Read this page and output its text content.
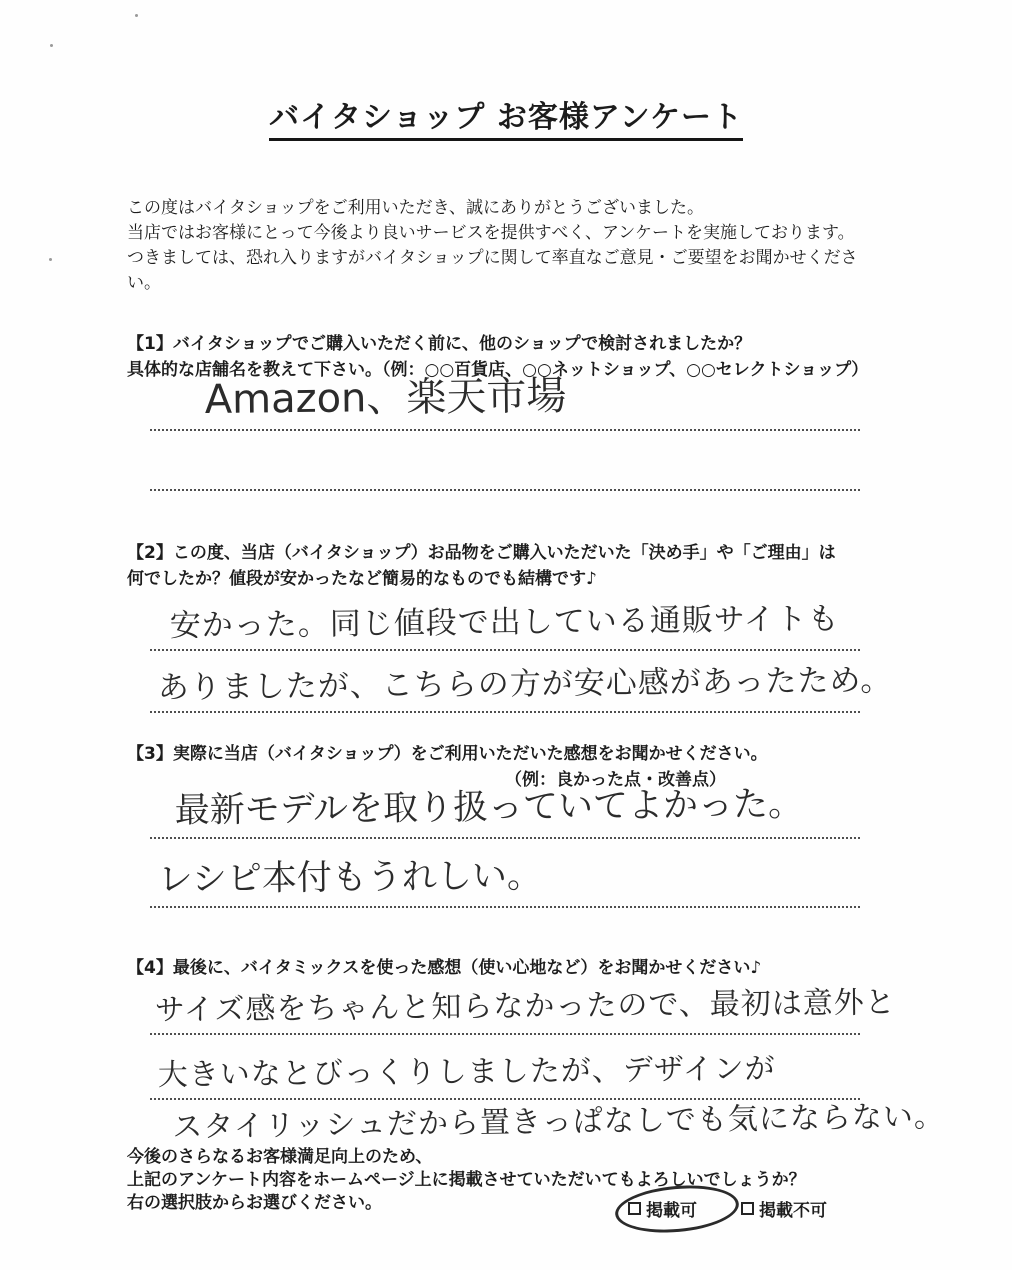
バイタショップ お客様アンケート
この度はバイタショップをご利用いただき、誠にありがとうございました。
当店ではお客様にとって今後より良いサービスを提供すべく、アンケートを実施しております。
つきましては、恐れ入りますがバイタショップに関して率直なご意見・ご要望をお聞かせくださ
い。
【1】バイタショップでご購入いただく前に、他のショップで検討されましたか？
具体的な店舗名を教えて下さい。（例：○○百貨店、○○ネットショップ、○○セレクトショップ）
Amazon、楽天市場
【2】この度、当店（バイタショップ）お品物をご購入いただいた「決め手」や「ご理由」は
何でしたか？値段が安かったなど簡易的なものでも結構です♪
安かった。同じ値段で出している通販サイトも
ありましたが、こちらの方が安心感があったため。
【3】実際に当店（バイタショップ）をご利用いただいた感想をお聞かせください。
（例：良かった点・改善点）
最新モデルを取り扱っていてよかった。
レシピ本付もうれしい。
【4】最後に、バイタミックスを使った感想（使い心地など）をお聞かせください♪
サイズ感をちゃんと知らなかったので、最初は意外と
大きいなとびっくりしましたが、デザインが
スタイリッシュだから置きっぱなしでも気にならない。
今後のさらなるお客様満足向上のため、
上記のアンケート内容をホームページ上に掲載させていただいてもよろしいでしょうか？
右の選択肢からお選びください。	掲載可	掲載不可
